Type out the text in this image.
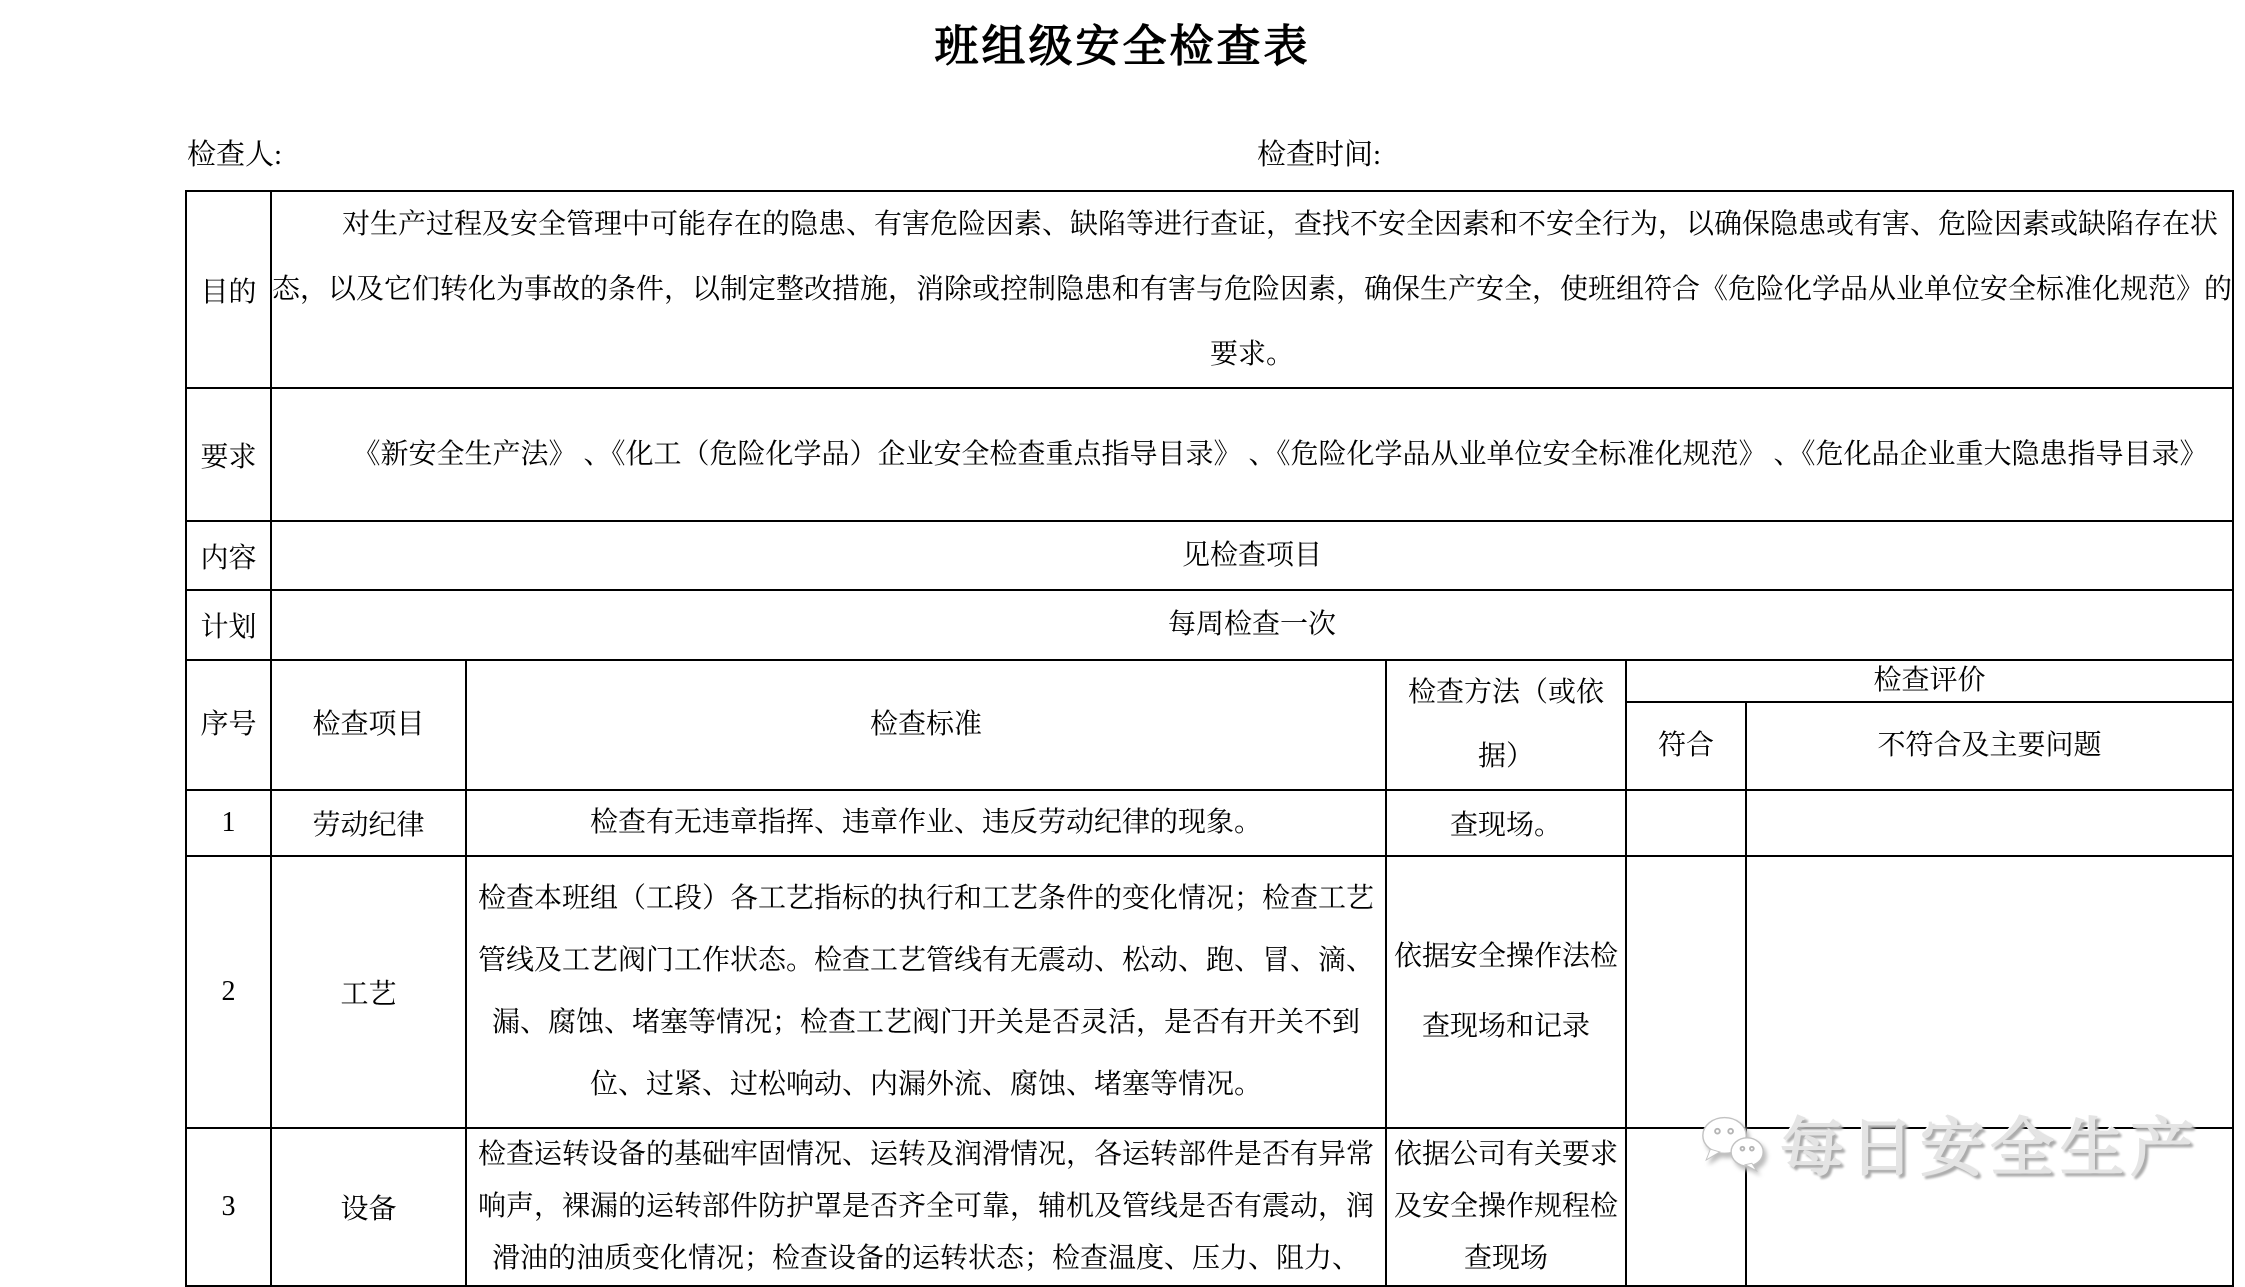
班组级安全检查表
检查人:	检查时间:
目的	对生产过程及安全管理中可能存在的隐患、有害危险因素、缺陷等进行查证，查找不安全因素和不安全行为，以确保隐患或有害、危险因素或缺陷存在状态，以及它们转化为事故的条件，以制定整改措施，消除或控制隐患和有害与危险因素，确保生产安全，使班组符合《危险化学品从业单位安全标准化规范》的要求。				
要求	《新安全生产法》 、《化工（危险化学品）企业安全检查重点指导目录》 、《危险化学品从业单位安全标准化规范》 、《危化品企业重大隐患指导目录》				
内容	见检查项目				
计划	每周检查一次				
序号	检查项目	检查标准	检查方法（或依据）	检查评价	
				符合	不符合及主要问题
1	劳动纪律	检查有无违章指挥、违章作业、违反劳动纪律的现象。	查现场。		
2	工艺	检查本班组（工段）各工艺指标的执行和工艺条件的变化情况；检查工艺管线及工艺阀门工作状态。检查工艺管线有无震动、松动、跑、冒、滴、漏、腐蚀、堵塞等情况；检查工艺阀门开关是否灵活，是否有开关不到位、过紧、过松响动、内漏外流、腐蚀、堵塞等情况。	依据安全操作法检查现场和记录		
3	设备	检查运转设备的基础牢固情况、运转及润滑情况，各运转部件是否有异常响声，裸漏的运转部件防护罩是否齐全可靠，辅机及管线是否有震动，润滑油的油质变化情况；检查设备的运转状态；检查温度、压力、阻力、	依据公司有关要求及安全操作规程检查现场		
每日安全生产
